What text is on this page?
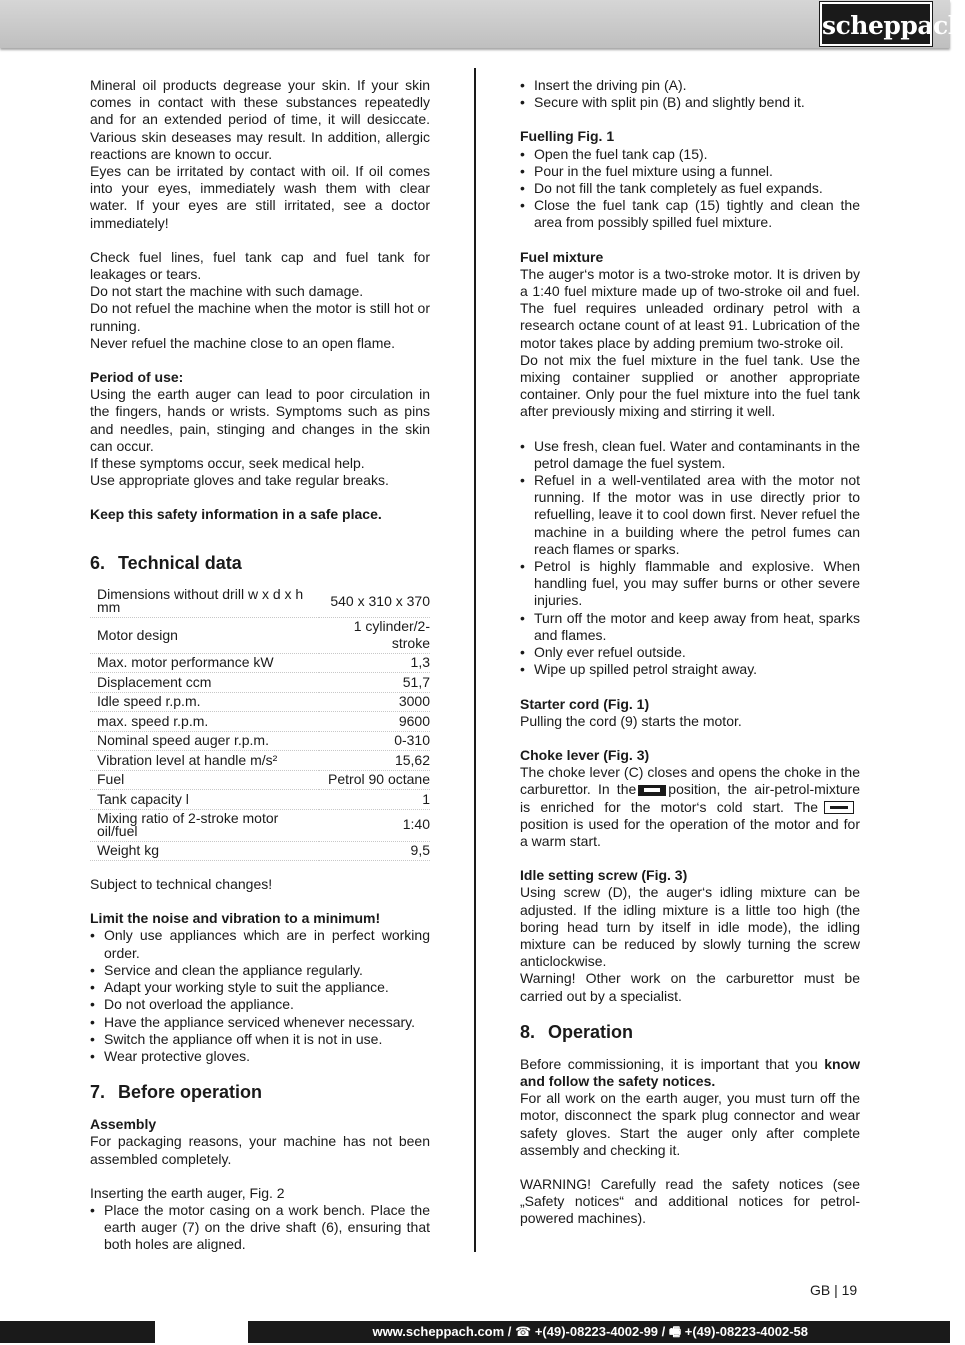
scheppach

Mineral oil products degrease your skin. If your skin comes in contact with these substances repeatedly and for an extended period of time, it will desiccate. Various skin deseases may result. In addition, allergic reactions are known to occur.

Eyes can be irritated by contact with oil. If oil comes into your eyes, immediately wash them with clear water. If your eyes are still irritated, see a doctor immediately!

Check fuel lines, fuel tank cap and fuel tank for leakages or tears.

Do not start the machine with such damage.

Do not refuel the machine when the motor is still hot or running.

Never refuel the machine close to an open flame.

Period of use:

Using the earth auger can lead to poor circulation in the fingers, hands or wrists. Symptoms such as pins and needles, pain, stinging and changes in the skin can occur.

If these symptoms occur, seek medical help.

Use appropriate gloves and take regular breaks.

Keep this safety information in a safe place.

6. Technical data
Dimensions without drill w x d x h mm	540 x 310 x 370
Motor design	1 cylinder/2-stroke
Max. motor performance kW	1,3
Displacement ccm	51,7
Idle speed r.p.m.	3000
max. speed r.p.m.	9600
Nominal speed auger r.p.m.	0-310
Vibration level at handle m/s²	15,62
Fuel	Petrol 90 octane
Tank capacity l	1

Mixing ratio of 2-stroke motor oil/fuel	1:40
Weight kg	9,5

Subject to technical changes!

Limit the noise and vibration to a minimum!

• Only use appliances which are in perfect working order.
• Service and clean the appliance regularly.
• Adapt your working style to suit the appliance.
• Do not overload the appliance.
• Have the appliance serviced whenever necessary.
• Switch the appliance off when it is not in use.
• Wear protective gloves.
7. Before operation

Assembly

For packaging reasons, your machine has not been assembled completely.

Inserting the earth auger, Fig. 2

• Place the motor casing on a work bench. Place the earth auger (7) on the drive shaft (6), ensuring that both holes are aligned.
• Insert the driving pin (A).
• Secure with split pin (B) and slightly bend it.

Fuelling Fig. 1

• Open the fuel tank cap (15).
• Pour in the fuel mixture using a funnel.
• Do not fill the tank completely as fuel expands.
• Close the fuel tank cap (15) tightly and clean the area from possibly spilled fuel mixture.

Fuel mixture

The auger‘s motor is a two-stroke motor. It is driven by a 1:40 fuel mixture made up of two-stroke oil and fuel. The fuel requires unleaded ordinary petrol with a research octane count of at least 91. Lubrication of the motor takes place by adding premium two-stroke oil.

Do not mix the fuel mixture in the fuel tank. Use the mixing container supplied or another appropriate container. Only pour the fuel mixture into the fuel tank after previously mixing and stirring it well.

• Use fresh, clean fuel. Water and contaminants in the petrol damage the fuel system.
• Refuel in a well-ventilated area with the motor not running. If the motor was in use directly prior to refuelling, leave it to cool down first. Never refuel the machine in a building where the petrol fumes can reach flames or sparks.
• Petrol is highly flammable and explosive. When handling fuel, you may suffer burns or other severe injuries.
• Turn off the motor and keep away from heat, sparks and flames.
• Only ever refuel outside.
• Wipe up spilled petrol straight away.

Starter cord (Fig. 1)

Pulling the cord (9) starts the motor.

Choke lever (Fig. 3)

The choke lever (C) closes and opens the choke in the carburettor. In the position, the air-petrol-mixture is enriched for the motor‘s cold start. Theposition is used for the operation of the motor and for a warm start.

Idle setting screw (Fig. 3)

Using screw (D), the auger‘s idling mixture can be adjusted. If the idling mixture is a little too high (the boring head turn by itself in idle mode), the idling mixture can be reduced by slowly turning the screw anticlockwise.

Warning! Other work on the carburettor must be carried out by a specialist.

8. Operation

Before commissioning, it is important that you know and follow the safety notices.

For all work on the earth auger, you must turn off the motor, disconnect the spark plug connector and wear safety gloves. Start the auger only after complete assembly and checking it.

WARNING! Carefully read the safety notices (see „Safety notices“ and additional notices for petrol-powered machines).

GB | 19
www.scheppach.com / ☎ +(49)-08223-4002-99 / 🖷 +(49)-08223-4002-58
